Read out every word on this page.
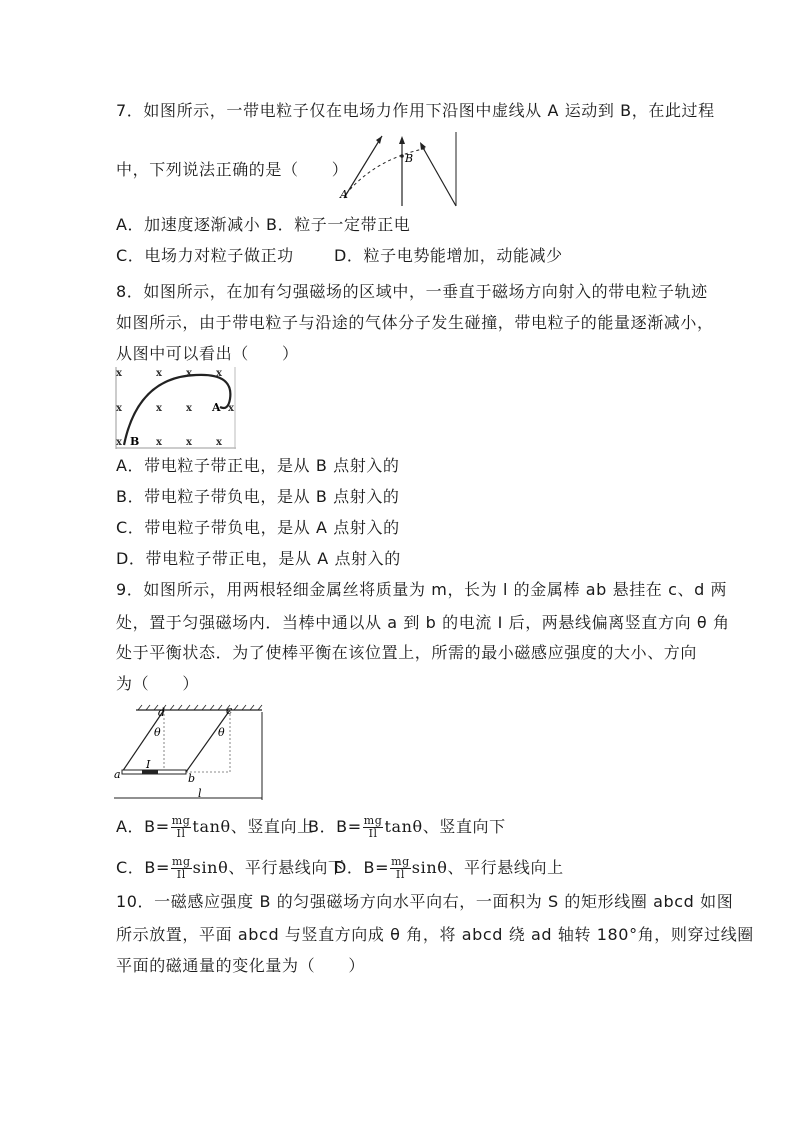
7．如图所示，一带电粒子仅在电场力作用下沿图中虚线从 A 运动到 B，在此过程
中，下列说法正确的是（　　）
A
B
A．加速度逐渐减小 B．粒子一定带正电
C．电场力对粒子做正功	D．粒子电势能增加，动能减少
8．如图所示，在加有匀强磁场的区域中，一垂直于磁场方向射入的带电粒子轨迹
如图所示，由于带电粒子与沿途的气体分子发生碰撞，带电粒子的能量逐渐减小，
从图中可以看出（　　）
x	x x x
x	x x	x
x	x x x
B
A
A．带电粒子带正电，是从 B 点射入的
B．带电粒子带负电，是从 B 点射入的
C．带电粒子带负电，是从 A 点射入的
D．带电粒子带正电，是从 A 点射入的
9．如图所示，用两根轻细金属丝将质量为 m，长为 l 的金属棒 ab 悬挂在 c、d 两
处，置于匀强磁场内．当棒中通以从 a 到 b 的电流 I 后，两悬线偏离竖直方向 θ 角
处于平衡状态．为了使棒平衡在该位置上，所需的最小磁感应强度的大小、方向
为（　　）
a	b
c
d
θ	θ
I
l
A．$B= \frac{mg}{Il}$ tanθ、竖直向上
B．$B= \frac{mg}{Il}$ tanθ、竖直向下
C．$B= \frac{mg}{Il}$ sinθ、平行悬线向下
D．$B= \frac{mg}{Il}$ sinθ、平行悬线向上
10．一磁感应强度 B 的匀强磁场方向水平向右，一面积为 S 的矩形线圈 abcd 如图
所示放置，平面 abcd 与竖直方向成 θ 角，将 abcd 绕 ad 轴转 180°角，则穿过线圈
平面的磁通量的变化量为（　　）
